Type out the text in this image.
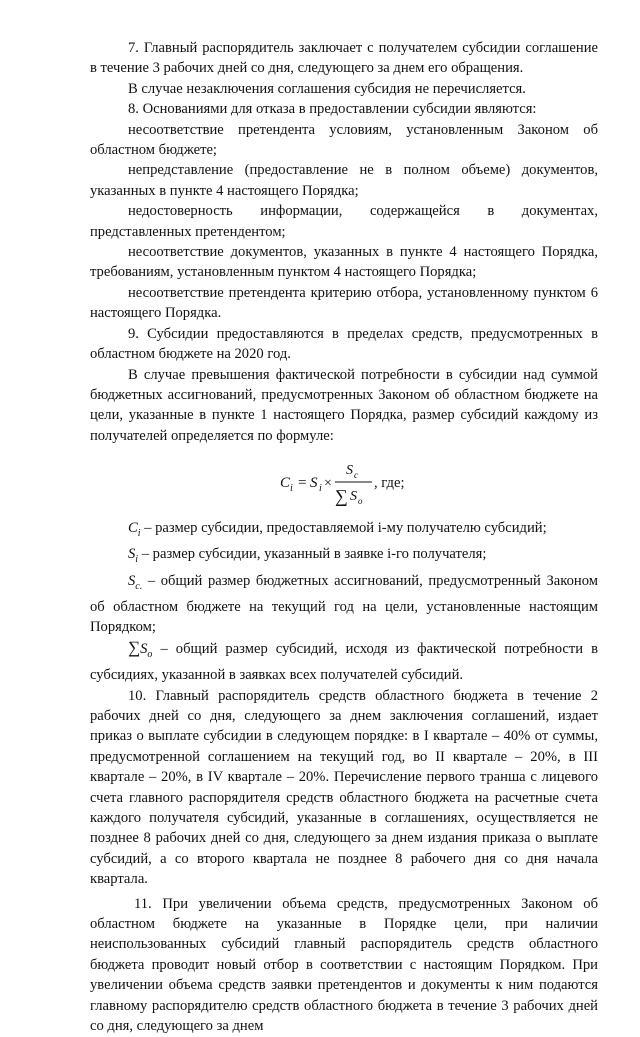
7. Главный распорядитель заключает с получателем субсидии соглашение в течение 3 рабочих дней со дня, следующего за днем его обращения.

В случае незаключения соглашения субсидия не перечисляется.

8. Основаниями для отказа в предоставлении субсидии являются:

несоответствие претендента условиям, установленным Законом об областном бюджете;

непредставление (предоставление не в полном объеме) документов, указанных в пункте 4 настоящего Порядка;

недостоверность информации, содержащейся в документах, представленных претендентом;

несоответствие документов, указанных в пункте 4 настоящего Порядка, требованиям, установленным пунктом 4 настоящего Порядка;

несоответствие претендента критерию отбора, установленному пунктом 6 настоящего Порядка.

9. Субсидии предоставляются в пределах средств, предусмотренных в областном бюджете на 2020 год.

В случае превышения фактической потребности в субсидии над суммой бюджетных ассигнований, предусмотренных Законом об областном бюджете на цели, указанные в пункте 1 настоящего Порядка, размер субсидий каждому из получателей определяется по формуле:

C i = S i ×
S c
∑ S o
, где;

$C_i$ – размер субсидии, предоставляемой i-му получателю субсидий;

$S_i$ – размер субсидии, указанный в заявке i-го получателя;

$S_{c.}$ – общий размер бюджетных ассигнований, предусмотренный Законом об областном бюджете на текущий год на цели, установленные настоящим Порядком;

$\sum S_o$ – общий размер субсидий, исходя из фактической потребности в субсидиях, указанной в заявках всех получателей субсидий.

10. Главный распорядитель средств областного бюджета в течение 2 рабочих дней со дня, следующего за днем заключения соглашений, издает приказ о выплате субсидии в следующем порядке: в I квартале – 40% от суммы, предусмотренной соглашением на текущий год, во II квартале – 20%, в III квартале – 20%, в IV квартале – 20%. Перечисление первого транша с лицевого счета главного распорядителя средств областного бюджета на расчетные счета каждого получателя субсидий, указанные в соглашениях, осуществляется не позднее 8 рабочих дней со дня, следующего за днем издания приказа о выплате субсидий, а со второго квартала не позднее 8 рабочего дня со дня начала квартала.

11. При увеличении объема средств, предусмотренных Законом об областном бюджете на указанные в Порядке цели, при наличии неиспользованных субсидий главный распорядитель средств областного бюджета проводит новый отбор в соответствии с настоящим Порядком. При увеличении объема средств заявки претендентов и документы к ним подаются главному распорядителю средств областного бюджета в течение 3 рабочих дней со дня, следующего за днем
